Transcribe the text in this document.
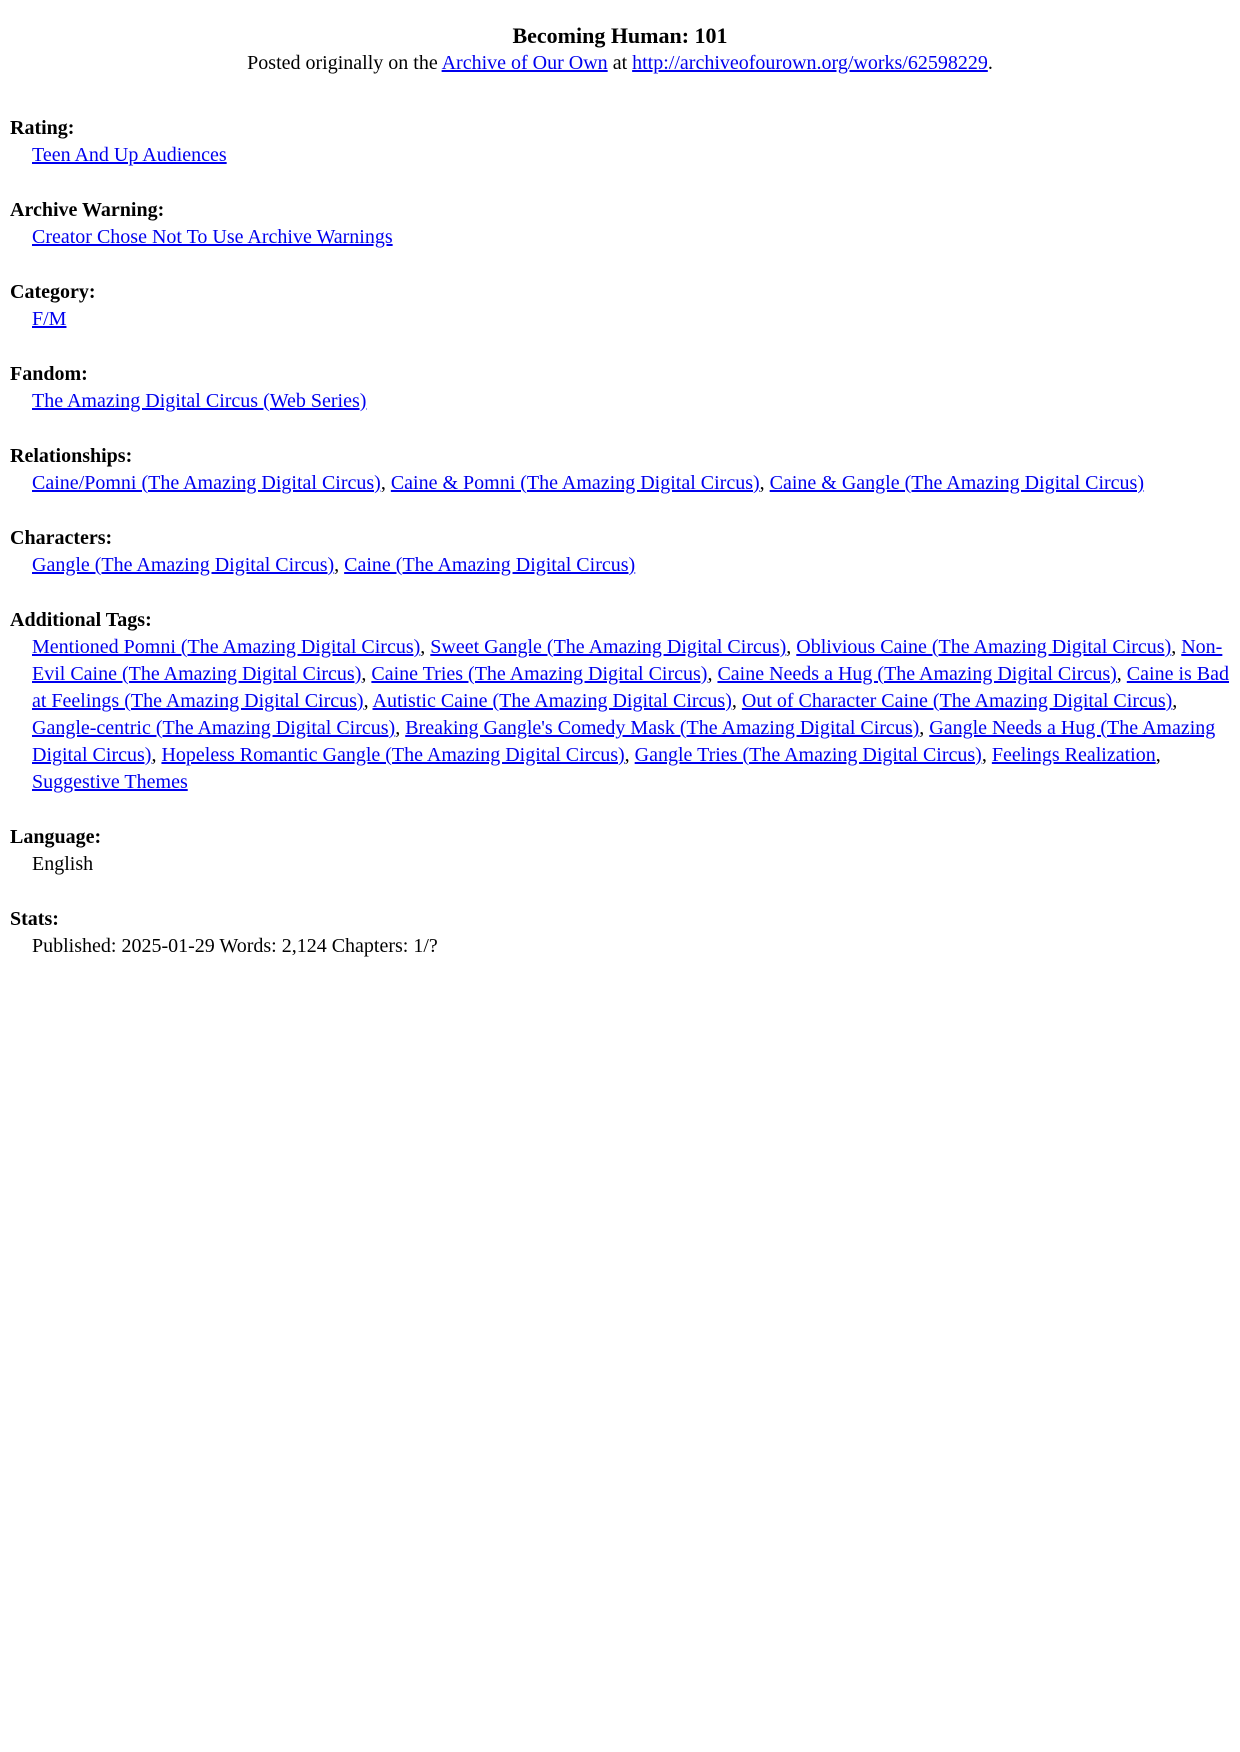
Becoming Human: 101

Posted originally on the Archive of Our Own at http://archiveofourown.org/works/62598229.

Rating:
Teen And Up Audiences
Archive Warning:
Creator Chose Not To Use Archive Warnings
Category:
F/M
Fandom:
The Amazing Digital Circus (Web Series)
Relationships:
Caine/Pomni (The Amazing Digital Circus), Caine & Pomni (The Amazing Digital Circus), Caine & Gangle (The Amazing Digital Circus)
Characters:
Gangle (The Amazing Digital Circus), Caine (The Amazing Digital Circus)
Additional Tags:
Mentioned Pomni (The Amazing Digital Circus), Sweet Gangle (The Amazing Digital Circus), Oblivious Caine (The Amazing Digital Circus), Non-Evil Caine (The Amazing Digital Circus), Caine Tries (The Amazing Digital Circus), Caine Needs a Hug (The Amazing Digital Circus), Caine is Bad at Feelings (The Amazing Digital Circus), Autistic Caine (The Amazing Digital Circus), Out of Character Caine (The Amazing Digital Circus), Gangle-centric (The Amazing Digital Circus), Breaking Gangle's Comedy Mask (The Amazing Digital Circus), Gangle Needs a Hug (The Amazing Digital Circus), Hopeless Romantic Gangle (The Amazing Digital Circus), Gangle Tries (The Amazing Digital Circus), Feelings Realization, Suggestive Themes
Language:
English
Stats:
Published: 2025-01-29 Words: 2,124 Chapters: 1/?
